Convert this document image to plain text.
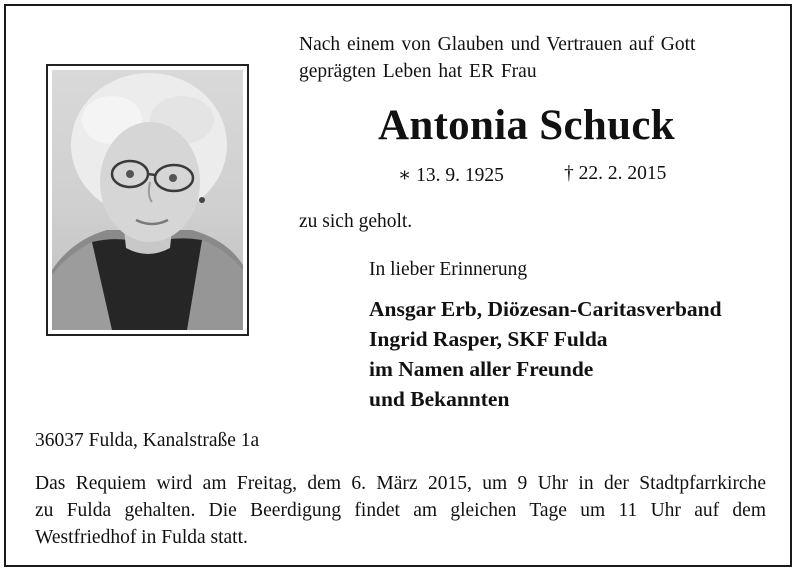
Nach einem von Glauben und Vertrauen auf Gott
geprägten Leben hat ER Frau
Antonia Schuck
∗ 13. 9. 1925	† 22. 2. 2015
zu sich geholt.
In lieber Erinnerung
Ansgar Erb, Diözesan-Caritasverband
Ingrid Rasper, SKF Fulda
im Namen aller Freunde
und Bekannten
36037 Fulda, Kanalstraße 1a
Das Requiem wird am Freitag, dem 6. März 2015, um 9 Uhr in der Stadtpfarrkirche
zu Fulda gehalten. Die Beerdigung findet am gleichen Tage um 11 Uhr auf dem
Westfriedhof in Fulda statt.
